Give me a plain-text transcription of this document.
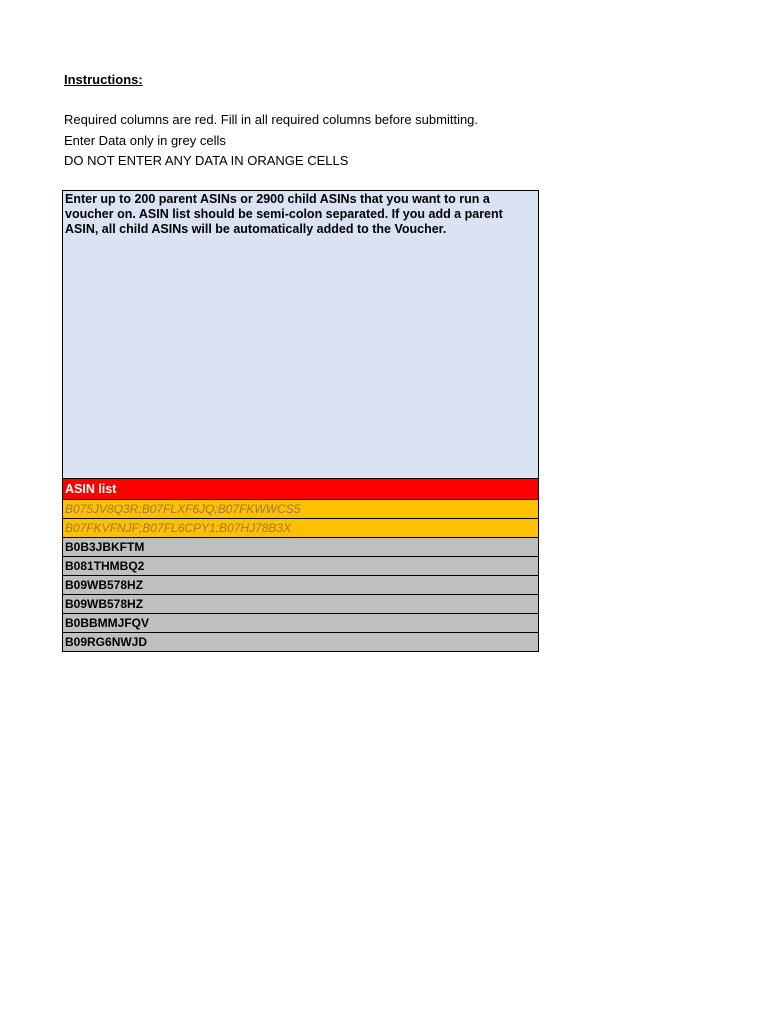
Instructions:
Required columns are red. Fill in all required columns before submitting.
Enter Data only in grey cells
DO NOT ENTER ANY DATA IN ORANGE CELLS
Enter up to 200 parent ASINs or 2900 child ASINs that you want to run a voucher on. ASIN list should be semi-colon separated. If you add a parent ASIN, all child ASINs will be automatically added to the Voucher.
ASIN list
B075JV8Q3R;B07FLXF6JQ;B07FKWWCS5
B07FKVFNJF;B07FL6CPY1;B07HJ78B3X
B0B3JBKFTM
B081THMBQ2
B09WB578HZ
B09WB578HZ
B0BBMMJFQV
B09RG6NWJD
